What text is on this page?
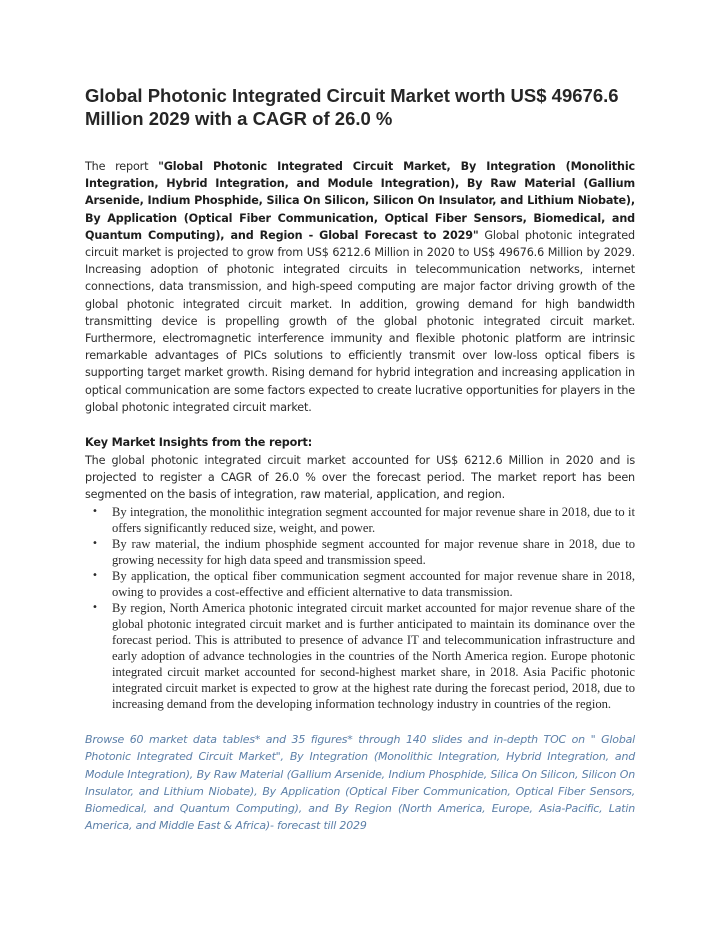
Global Photonic Integrated Circuit Market worth US$ 49676.6 Million 2029 with a CAGR of 26.0 %

The report "Global Photonic Integrated Circuit Market, By Integration (Monolithic Integration, Hybrid Integration, and Module Integration), By Raw Material (Gallium Arsenide, Indium Phosphide, Silica On Silicon, Silicon On Insulator, and Lithium Niobate), By Application (Optical Fiber Communication, Optical Fiber Sensors, Biomedical, and Quantum Computing), and Region - Global Forecast to 2029" Global photonic integrated circuit market is projected to grow from US$ 6212.6 Million in 2020 to US$ 49676.6 Million by 2029. Increasing adoption of photonic integrated circuits in telecommunication networks, internet connections, data transmission, and high-speed computing are major factor driving growth of the global photonic integrated circuit market. In addition, growing demand for high bandwidth transmitting device is propelling growth of the global photonic integrated circuit market. Furthermore, electromagnetic interference immunity and flexible photonic platform are intrinsic remarkable advantages of PICs solutions to efficiently transmit over low-loss optical fibers is supporting target market growth. Rising demand for hybrid integration and increasing application in optical communication are some factors expected to create lucrative opportunities for players in the global photonic integrated circuit market.

Key Market Insights from the report:

The global photonic integrated circuit market accounted for US$ 6212.6 Million in 2020 and is projected to register a CAGR of 26.0 % over the forecast period. The market report has been segmented on the basis of integration, raw material, application, and region.

• By integration, the monolithic integration segment accounted for major revenue share in 2018, due to it offers significantly reduced size, weight, and power.
• By raw material, the indium phosphide segment accounted for major revenue share in 2018, due to growing necessity for high data speed and transmission speed.
• By application, the optical fiber communication segment accounted for major revenue share in 2018, owing to provides a cost-effective and efficient alternative to data transmission.
• By region, North America photonic integrated circuit market accounted for major revenue share of the global photonic integrated circuit market and is further anticipated to maintain its dominance over the forecast period. This is attributed to presence of advance IT and telecommunication infrastructure and early adoption of advance technologies in the countries of the North America region. Europe photonic integrated circuit market accounted for second-highest market share, in 2018. Asia Pacific photonic integrated circuit market is expected to grow at the highest rate during the forecast period, 2018, due to increasing demand from the developing information technology industry in countries of the region.

Browse 60 market data tables* and 35 figures* through 140 slides and in-depth TOC on " Global Photonic Integrated Circuit Market", By Integration (Monolithic Integration, Hybrid Integration, and Module Integration), By Raw Material (Gallium Arsenide, Indium Phosphide, Silica On Silicon, Silicon On Insulator, and Lithium Niobate), By Application (Optical Fiber Communication, Optical Fiber Sensors, Biomedical, and Quantum Computing), and By Region (North America, Europe, Asia-Pacific, Latin America, and Middle East & Africa)- forecast till 2029
